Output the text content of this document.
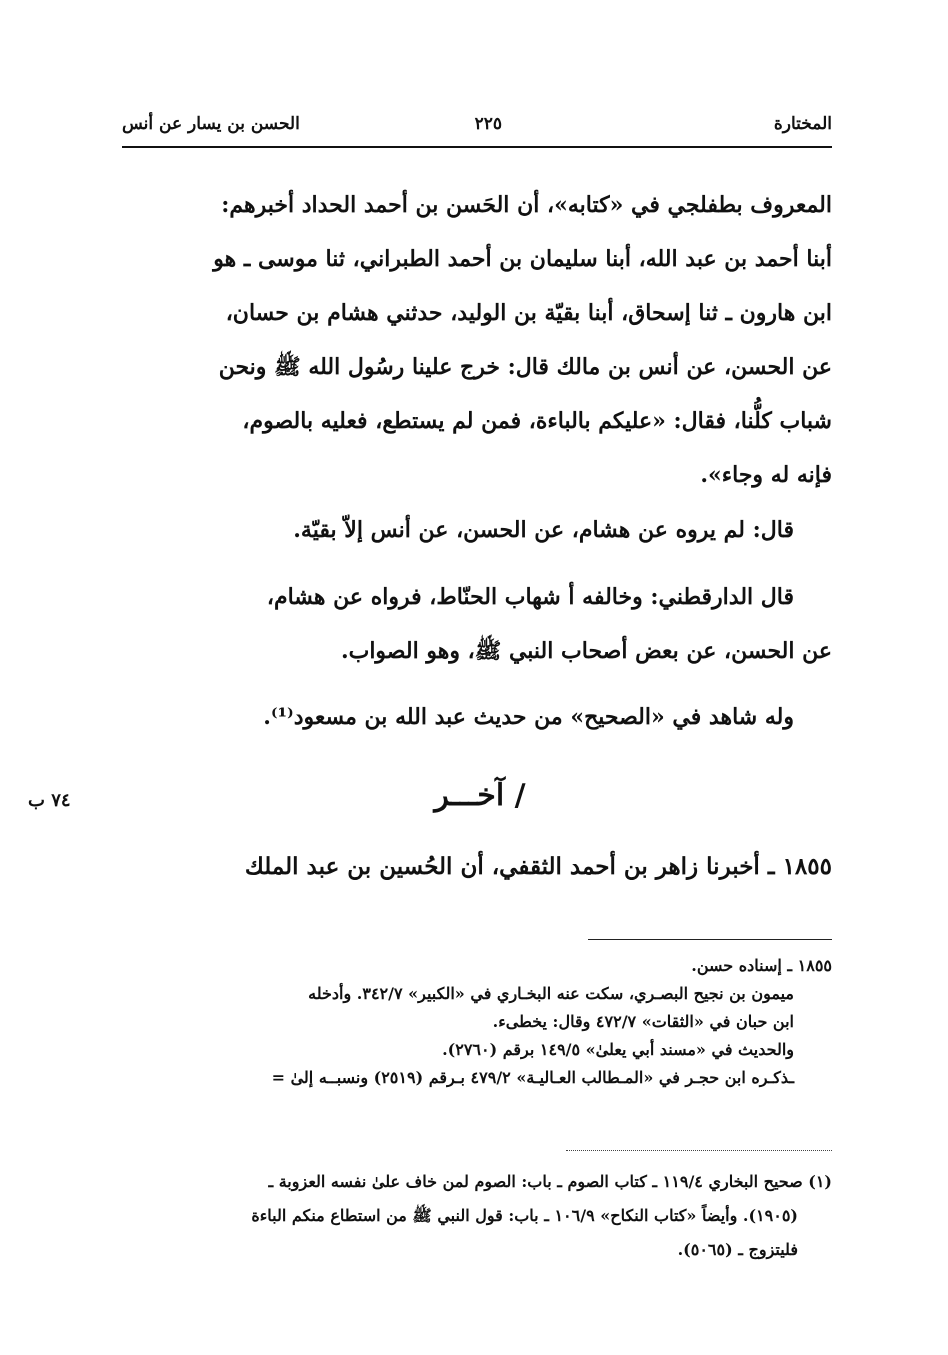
المختارة
٢٢٥
الحسن بن يسار عن أنس
المعروف بطفلجي في «كتابه»، أن الحَسن بن أحمد الحداد أخبرهم:
أبنا أحمد بن عبد الله، أبنا سليمان بن أحمد الطبراني، ثنا موسى ـ هو
ابن هارون ـ ثنا إسحاق، أبنا بقيّة بن الوليد، حدثني هشام بن حسان،
عن الحسن، عن أنس بن مالك قال: خرج علينا رسُول الله ﷺ ونحن
شباب كلُّنا، فقال: «عليكم بالباءة، فمن لم يستطع، فعليه بالصوم،
فإنه له وجاء».
قال: لم يروه عن هشام، عن الحسن، عن أنس إلاّ بقيّة.
قال الدارقطني: وخالفه أ شهاب الحنّاط، فرواه عن هشام،
عن الحسن، عن بعض أصحاب النبي ﷺ، وهو الصواب.
وله شاهد في «الصحيح» من حديث عبد الله بن مسعود⁽¹⁾.
/ آخـــر
٧٤ ب
١٨٥٥ ـ أخبرنا زاهر بن أحمد الثقفي، أن الحُسين بن عبد الملك
١٨٥٥ ـ إسناده حسن.
ميمون بن نجيح البصـري، سكت عنه البخـاري في «الكبير» ٣٤٢/٧. وأدخله
ابن حبان في «الثقات» ٤٧٢/٧ وقال: يخطىء.
والحديث في «مسند أبي يعلىٰ» ١٤٩/٥ برقم (٢٧٦٠).
ـذكـره ابن حجـر في «المـطالب العـاليـة» ٤٧٩/٢ بـرقم (٢٥١٩) ونسبــه إلىٰ =
(١) صحيح البخاري ١١٩/٤ ـ كتاب الصوم ـ باب: الصوم لمن خاف علىٰ نفسه العزوبة ـ
(١٩٠٥). وأيضاً «كتاب النكاح» ١٠٦/٩ ـ باب: قول النبي ﷺ من استطاع منكم الباءة
فليتزوج ـ (٥٠٦٥).
